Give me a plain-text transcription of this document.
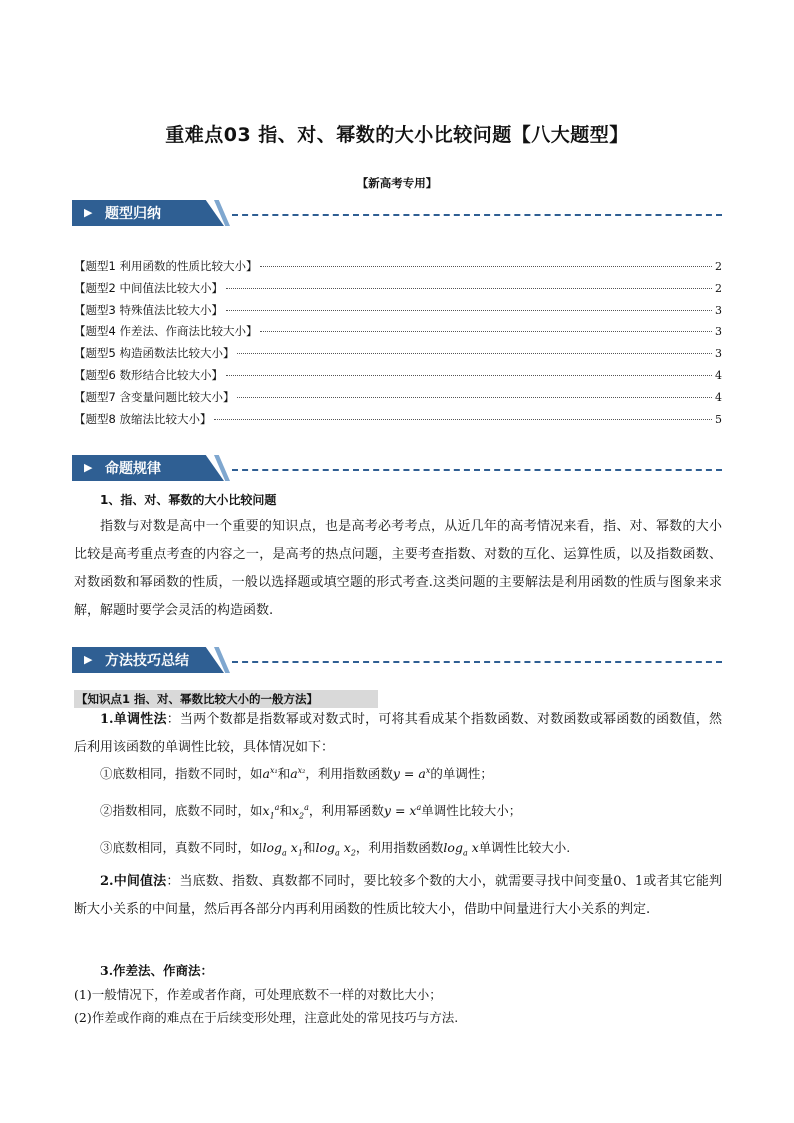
重难点03 指、对、幂数的大小比较问题【八大题型】
【新高考专用】
▶ 题型归纳
【题型1 利用函数的性质比较大小】	2
【题型2 中间值法比较大小】	2
【题型3 特殊值法比较大小】	3
【题型4 作差法、作商法比较大小】	3
【题型5 构造函数法比较大小】	3
【题型6 数形结合比较大小】	4
【题型7 含变量问题比较大小】	4
【题型8 放缩法比较大小】	5
▶ 命题规律
1、指、对、幂数的大小比较问题
指数与对数是高中一个重要的知识点，也是高考必考考点，从近几年的高考情况来看，指、对、幂数的大小比较是高考重点考查的内容之一，是高考的热点问题，主要考查指数、对数的互化、运算性质，以及指数函数、对数函数和幂函数的性质，一般以选择题或填空题的形式考查.这类问题的主要解法是利用函数的性质与图象来求解，解题时要学会灵活的构造函数.
▶ 方法技巧总结
【知识点1 指、对、幂数比较大小的一般方法】
1.单调性法：当两个数都是指数幂或对数式时，可将其看成某个指数函数、对数函数或幂函数的函数值，然后利用该函数的单调性比较，具体情况如下：
①底数相同，指数不同时，如$a^{x_1}$和$a^{x_2}$，利用指数函数$y = a^x$的单调性；
②指数相同，底数不同时，如$x_1^a$和$x_2^a$，利用幂函数$y = x^a$单调性比较大小；
③底数相同，真数不同时，如$\log_a x_1$和$\log_a x_2$，利用指数函数$\log_a x$单调性比较大小.
2.中间值法：当底数、指数、真数都不同时，要比较多个数的大小，就需要寻找中间变量0、1或者其它能判断大小关系的中间量，然后再各部分内再利用函数的性质比较大小，借助中间量进行大小关系的判定.
3.作差法、作商法：
(1)一般情况下，作差或者作商，可处理底数不一样的对数比大小；
(2)作差或作商的难点在于后续变形处理，注意此处的常见技巧与方法.
